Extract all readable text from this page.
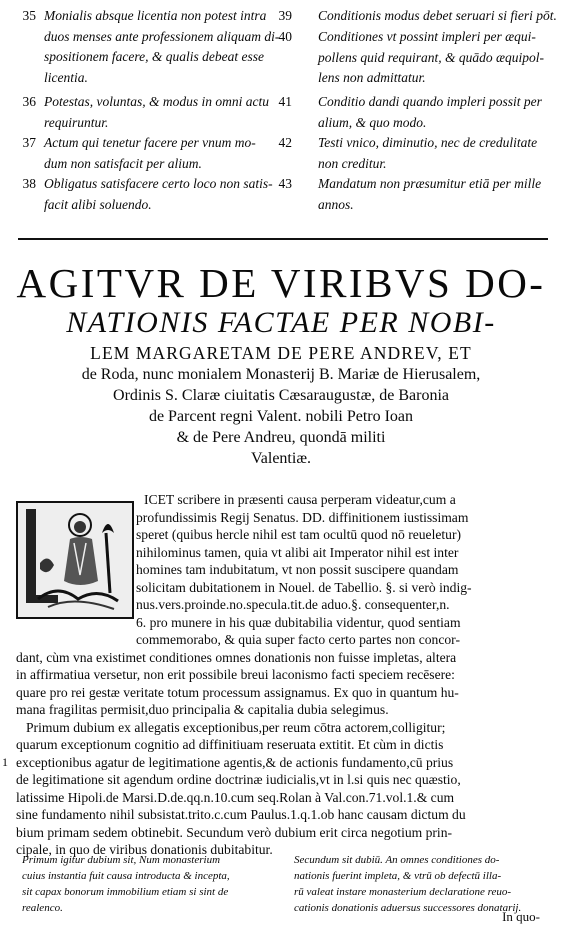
35 Monialis absque licentia non potest intra
duos menses ante professionem aliquam di-
spositionem facere, & qualis debeat esse
licentia.
36 Potestas, voluntas, & modus in omni actu
requiruntur.
37 Actum qui tenetur facere per vnum mo-
dum non satisfacit per alium.
38 Obligatus satisfacere certo loco non satis-
facit alibi soluendo.
39 Conditionis modus debet seruari si fieri pōt.
40 Conditiones vt possint impleri per æqui-
pollens quid requirant, & quādo æquipol-
lens non admittatur.
41 Conditio dandi quando impleri possit per
alium, & quo modo.
42 Testi vnico, diminutio, nec de credulitate
non creditur.
43 Mandatum non præsumitur etiā per mille
annos.
AGITVR DE VIRIBVS DO-
NATIONIS FACTAE PER NOBI-
LEM MARGARETAM DE PERE ANDREV, ET
de Roda, nunc monialem Monasterij B. Mariæ de Hierusalem,
Ordinis S. Claræ ciuitatis Cæsaraugustæ, de Baronia
de Parcent regni Valent. nobili Petro Ioan
& de Pere Andreu, quondā militi
Valentiæ.
ICET scribere in præsenti causa perperam videatur,cum a
profundissimis Regij Senatus. DD. diffinitionem iustissimam
speret (quibus hercle nihil est tam ocultū quod nō reueletur)
nihilominus tamen, quia vt alibi ait Imperator nihil est inter
homines tam indubitatum, vt non possit suscipere quandam
solicitam dubitationem in Nouel. de Tabellio. §. si verò indig-
nus.vers.proinde.no.specula.tit.de aduo.§. consequenter,n.
6. pro munere in his quæ dubitabilia videntur, quod sentiam
commemorabo, & quia super facto certo partes non concor-
dant, cùm vna existimet conditiones omnes donationis non fuisse impletas, altera
in affirmatiua versetur, non erit possibile breui laconismo facti speciem recēsere:
quare pro rei gestæ veritate totum processum assignamus. Ex quo in quantum hu-
mana fragilitas permisit,duo principalia & capitalia dubia selegimus.
Primum dubium ex allegatis exceptionibus,per reum cōtra actorem,colligitur;
quarum exceptionum cognitio ad diffinitiuam reseruata extitit. Et cùm in dictis
exceptionibus agatur de legitimatione agentis,& de actionis fundamento,cū prius
de legitimatione sit agendum ordine doctrinæ iudicialis,vt in l.si quis nec quæstio,
latissime Hipoli.de Marsi.D.de.qq.n.10.cum seq.Rolan à Val.con.71.vol.1.& cum
sine fundamento nihil subsistat.trito.c.cum Paulus.1.q.1.ob hanc causam dictum du
bium primam sedem obtinebit. Secundum verò dubium erit circa negotium prin-
cipale, in quo de viribus donationis dubitabitur.
1
Primum igitur dubium sit, Num monasterium
cuius instantia fuit causa introducta & incepta,
sit capax bonorum immobilium etiam si sint de
realenco.
Secundum sit dubiū. An omnes conditiones do-
nationis fuerint impleta, & vtrū ob defectū illa-
rū valeat instare monasterium declaratione reuo-
cationis donationis aduersus successores donatarij.
In quo-
